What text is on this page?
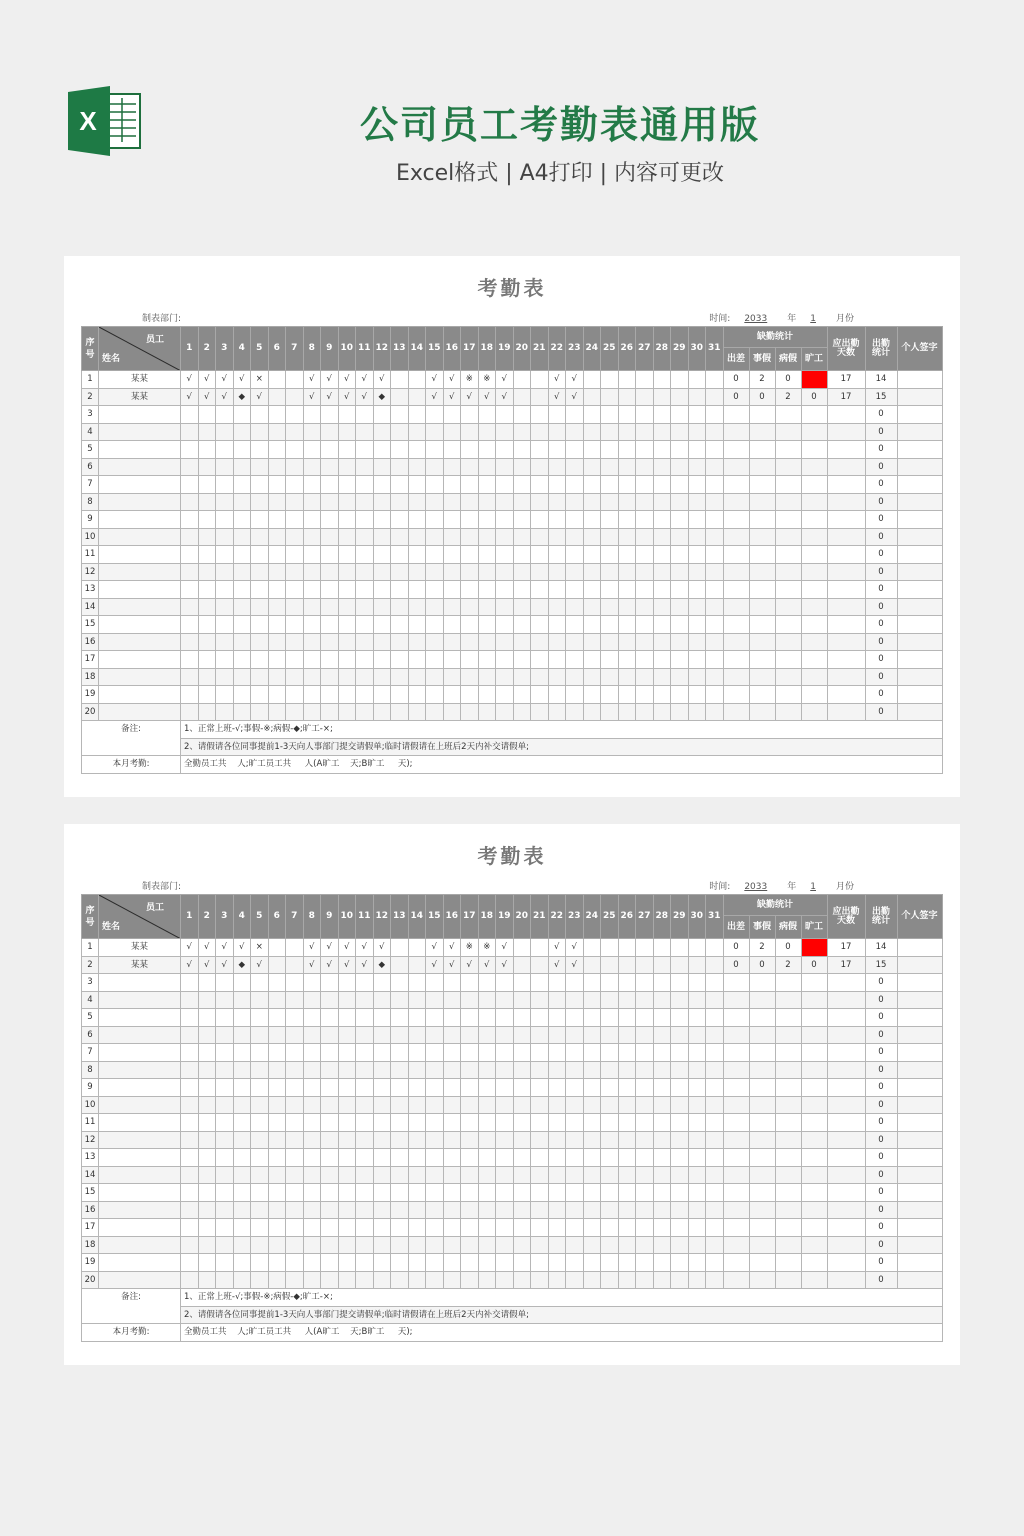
X	公司员工考勤表通用版
Excel格式 | A4打印 | 内容可更改
考勤表
制表部门:	时间: 2033 年 1 月份
序号	员工
姓名	1	2	3	4	5	6	7	8	9	10	11	12	13	14	15	16	17	18	19	20	21	22	23	24	25	26	27	28	29	30	31	缺勤统计				应出勤天数	出勤统计	个人签字
																																	出差	事假	病假	旷工			
1	某某	√	√	√	√	×			√	√	√	√	√			√	√	※	※	√			√	√									0	2	0		17	14	
2	某某	√	√	√	◆	√			√	√	√	√	◆			√	√	√	√	√			√	√									0	0	2	0	17	15	
3																																						0	
4																																						0	
5																																						0	
6																																						0	
7																																						0	
8																																						0	
9																																						0	
10																																						0	
11																																						0	
12																																						0	
13																																						0	
14																																						0	
15																																						0	
16																																						0	
17																																						0	
18																																						0	
19																																						0	
20																																						0	
备注:		1、正常上班-√;事假-※;病假-◆;旷工-×;																																					
		2、请假请各位同事提前1-3天向人事部门提交请假单;临时请假请在上班后2天内补交请假单;																																					
本月考勤:		全勤员工共    人;旷工员工共     人(A旷工    天;B旷工     天);																																					
考勤表
制表部门:	时间: 2033 年 1 月份
序号	员工
姓名	1	2	3	4	5	6	7	8	9	10	11	12	13	14	15	16	17	18	19	20	21	22	23	24	25	26	27	28	29	30	31	缺勤统计				应出勤天数	出勤统计	个人签字
																																	出差	事假	病假	旷工			
1	某某	√	√	√	√	×			√	√	√	√	√			√	√	※	※	√			√	√									0	2	0		17	14	
2	某某	√	√	√	◆	√			√	√	√	√	◆			√	√	√	√	√			√	√									0	0	2	0	17	15	
3																																						0	
4																																						0	
5																																						0	
6																																						0	
7																																						0	
8																																						0	
9																																						0	
10																																						0	
11																																						0	
12																																						0	
13																																						0	
14																																						0	
15																																						0	
16																																						0	
17																																						0	
18																																						0	
19																																						0	
20																																						0	
备注:		1、正常上班-√;事假-※;病假-◆;旷工-×;																																					
		2、请假请各位同事提前1-3天向人事部门提交请假单;临时请假请在上班后2天内补交请假单;																																					
本月考勤:		全勤员工共    人;旷工员工共     人(A旷工    天;B旷工     天);																																					
